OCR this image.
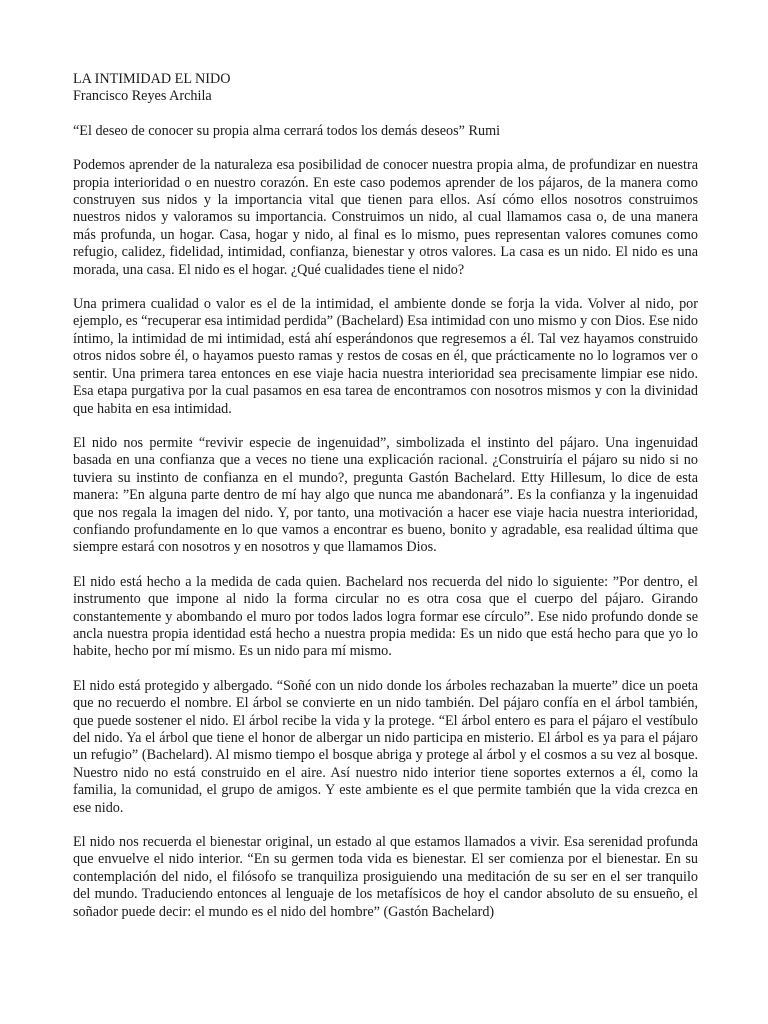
LA INTIMIDAD EL NIDO
Francisco Reyes Archila

“El deseo de conocer su propia alma cerrará todos los demás deseos” Rumi

Podemos aprender de la naturaleza esa posibilidad de conocer nuestra propia alma, de profundizar en nuestra propia interioridad o en nuestro corazón. En este caso podemos aprender de los pájaros, de la manera como construyen sus nidos y la importancia vital que tienen para ellos. Así cómo ellos nosotros construimos nuestros nidos y valoramos su importancia. Construimos un nido, al cual llamamos casa o, de una manera más profunda, un hogar. Casa, hogar y nido, al final es lo mismo, pues representan valores comunes como refugio, calidez, fidelidad, intimidad, confianza, bienestar y otros valores. La casa es un nido. El nido es una morada, una casa. El nido es el hogar. ¿Qué cualidades tiene el nido?

Una primera cualidad o valor es el de la intimidad, el ambiente donde se forja la vida. Volver al nido, por ejemplo, es “recuperar esa intimidad perdida” (Bachelard) Esa intimidad con uno mismo y con Dios. Ese nido íntimo, la intimidad de mi intimidad, está ahí esperándonos que regresemos a él. Tal vez hayamos construido otros nidos sobre él, o hayamos puesto ramas y restos de cosas en él, que prácticamente no lo logramos ver o sentir. Una primera tarea entonces en ese viaje hacia nuestra interioridad sea precisamente limpiar ese nido. Esa etapa purgativa por la cual pasamos en esa tarea de encontramos con nosotros mismos y con la divinidad que habita en esa intimidad.

El nido nos permite “revivir especie de ingenuidad”, simbolizada el instinto del pájaro. Una ingenuidad basada en una confianza que a veces no tiene una explicación racional. ¿Construiría el pájaro su nido si no tuviera su instinto de confianza en el mundo?, pregunta Gastón Bachelard. Etty Hillesum, lo dice de esta manera: ”En alguna parte dentro de mí hay algo que nunca me abandonará”. Es la confianza y la ingenuidad que nos regala la imagen del nido. Y, por tanto, una motivación a hacer ese viaje hacia nuestra interioridad, confiando profundamente en lo que vamos a encontrar es bueno, bonito y agradable, esa realidad última que siempre estará con nosotros y en nosotros y que llamamos Dios.

El nido está hecho a la medida de cada quien. Bachelard nos recuerda del nido lo siguiente: ”Por dentro, el instrumento que impone al nido la forma circular no es otra cosa que el cuerpo del pájaro. Girando constantemente y abombando el muro por todos lados logra formar ese círculo”. Ese nido profundo donde se ancla nuestra propia identidad está hecho a nuestra propia medida: Es un nido que está hecho para que yo lo habite, hecho por mí mismo. Es un nido para mí mismo.

El nido está protegido y albergado. “Soñé con un nido donde los árboles rechazaban la muerte” dice un poeta que no recuerdo el nombre. El árbol se convierte en un nido también. Del pájaro confía en el árbol también, que puede sostener el nido. El árbol recibe la vida y la protege. “El árbol entero es para el pájaro el vestíbulo del nido. Ya el árbol que tiene el honor de albergar un nido participa en misterio. El árbol es ya para el pájaro un refugio” (Bachelard). Al mismo tiempo el bosque abriga y protege al árbol y el cosmos a su vez al bosque. Nuestro nido no está construido en el aire. Así nuestro nido interior tiene soportes externos a él, como la familia, la comunidad, el grupo de amigos. Y este ambiente es el que permite también que la vida crezca en ese nido.

El nido nos recuerda el bienestar original, un estado al que estamos llamados a vivir. Esa serenidad profunda que envuelve el nido interior. “En su germen toda vida es bienestar. El ser comienza por el bienestar. En su contemplación del nido, el filósofo se tranquiliza prosiguiendo una meditación de su ser en el ser tranquilo del mundo. Traduciendo entonces al lenguaje de los metafísicos de hoy el candor absoluto de su ensueño, el soñador puede decir: el mundo es el nido del hombre” (Gastón Bachelard)
